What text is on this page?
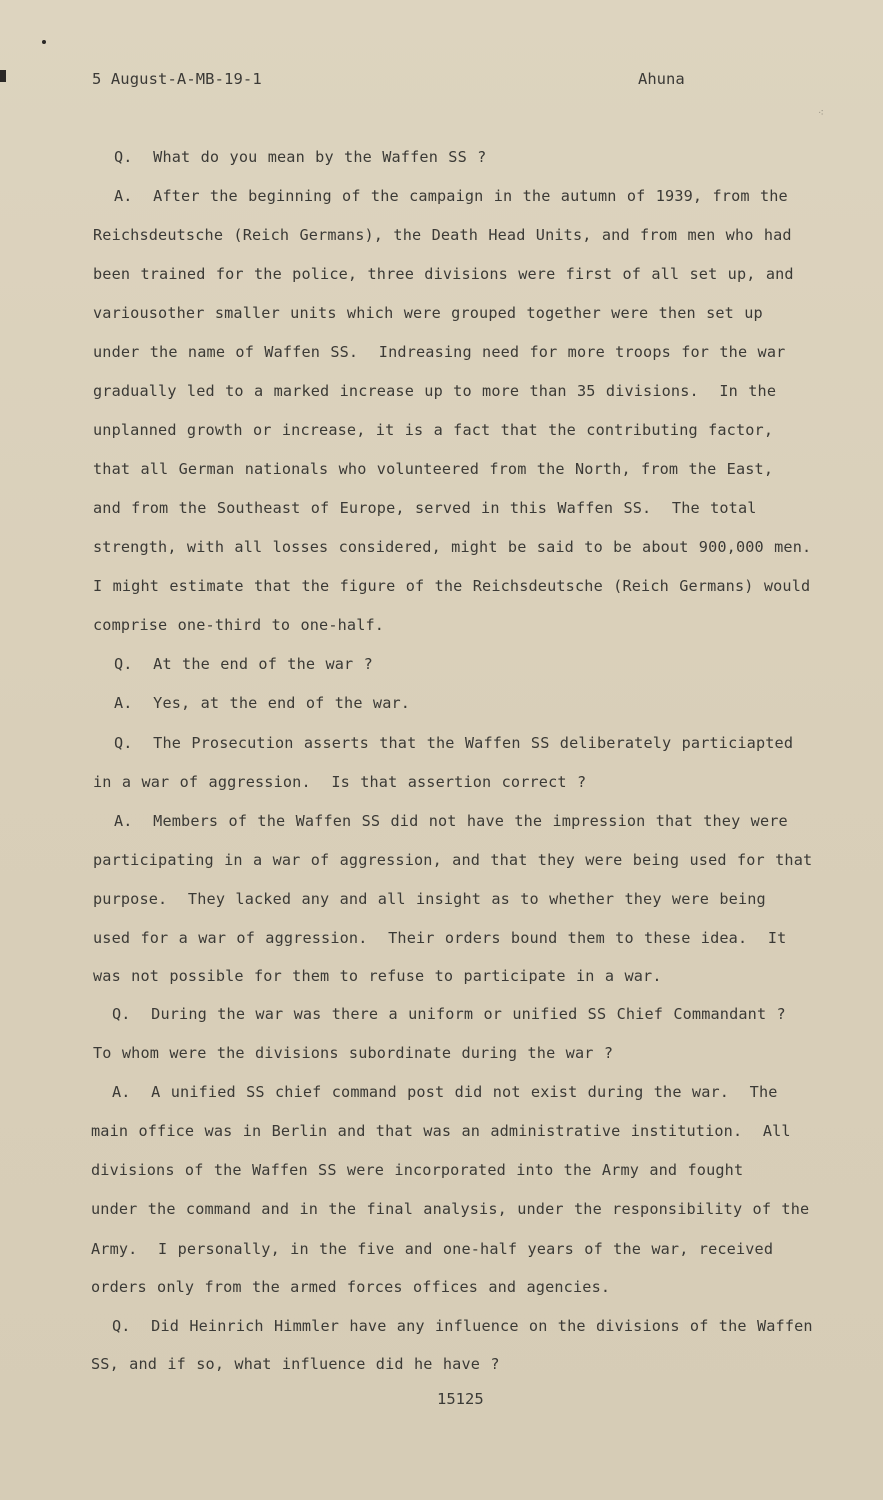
⁖
5 August-A-MB-19-1	Ahuna
Q.  What do you mean by the Waffen SS ?
A.  After the beginning of the campaign in the autumn of 1939, from the
Reichsdeutsche (Reich Germans), the Death Head Units, and from men who had
been trained for the police, three divisions were first of all set up, and
variousother smaller units which were grouped together were then set up
under the name of Waffen SS.  Indreasing need for more troops for the war
gradually led to a marked increase up to more than 35 divisions.  In the
unplanned growth or increase, it is a fact that the contributing factor,
that all German nationals who volunteered from the North, from the East,
and from the Southeast of Europe, served in this Waffen SS.  The total
strength, with all losses considered, might be said to be about 900,000 men.
I might estimate that the figure of the Reichsdeutsche (Reich Germans) would
comprise one-third to one-half.
Q.  At the end of the war ?
A.  Yes, at the end of the war.
Q.  The Prosecution asserts that the Waffen SS deliberately particiapted
in a war of aggression.  Is that assertion correct ?
A.  Members of the Waffen SS did not have the impression that they were
participating in a war of aggression, and that they were being used for that
purpose.  They lacked any and all insight as to whether they were being
used for a war of aggression.  Their orders bound them to these idea.  It
was not possible for them to refuse to participate in a war.
Q.  During the war was there a uniform or unified SS Chief Commandant ?
To whom were the divisions subordinate during the war ?
A.  A unified SS chief command post did not exist during the war.  The
main office was in Berlin and that was an administrative institution.  All
divisions of the Waffen SS were incorporated into the Army and fought
under the command and in the final analysis, under the responsibility of the
Army.  I personally, in the five and one-half years of the war, received
orders only from the armed forces offices and agencies.
Q.  Did Heinrich Himmler have any influence on the divisions of the Waffen
SS, and if so, what influence did he have ?
15125
